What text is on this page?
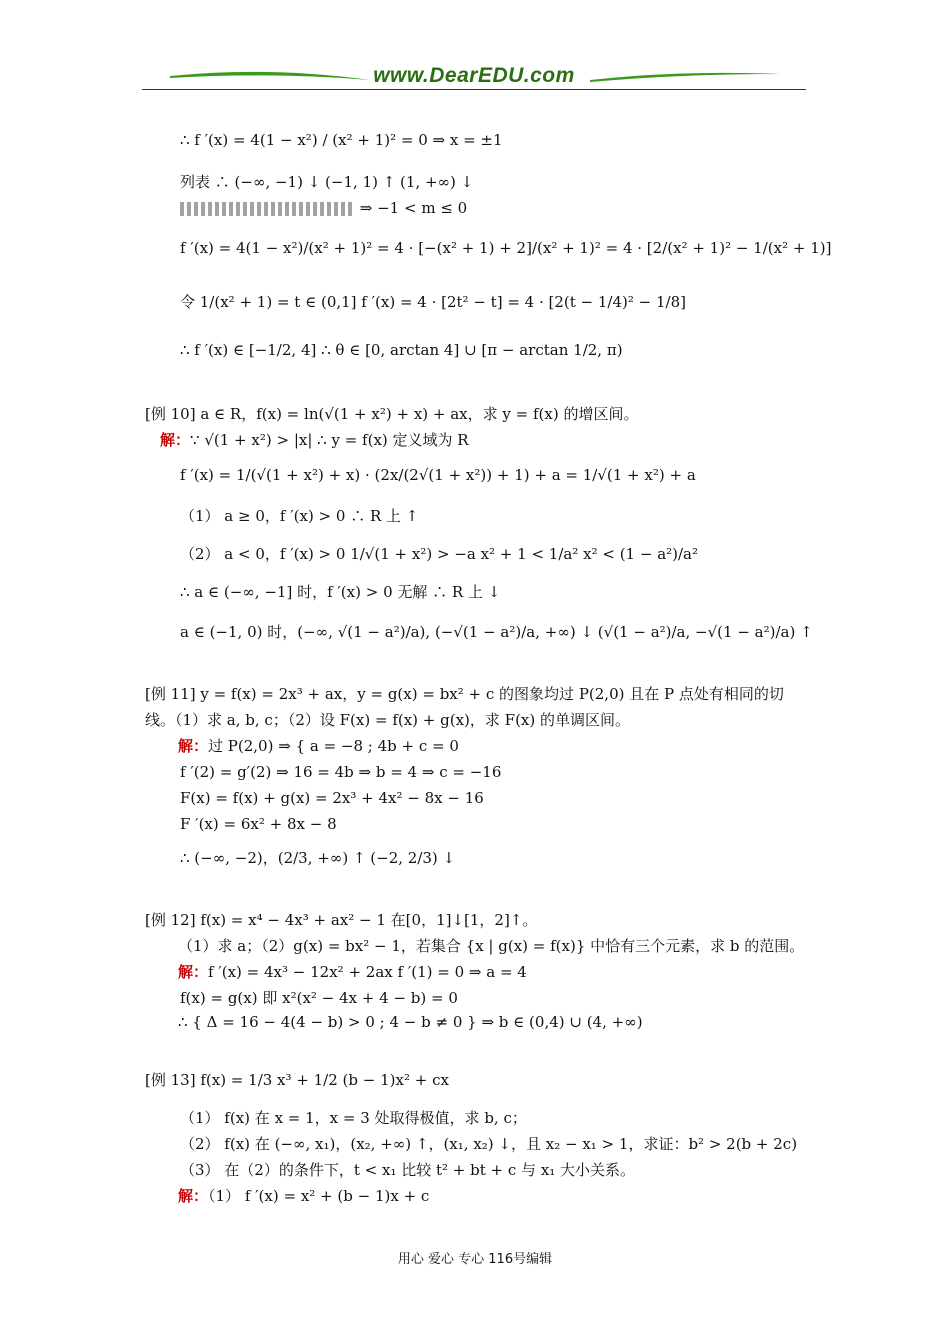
www.DearEDU.com
∴ f ′(x) = 4(1 − x²) / (x² + 1)² = 0 ⇒ x = ±1
列表 ∴ (−∞, −1) ↓ (−1, 1) ↑ (1, +∞) ↓
⇒ −1 < m ≤ 0
f ′(x) = 4(1 − x²)/(x² + 1)² = 4 · [−(x² + 1) + 2]/(x² + 1)² = 4 · [2/(x² + 1)² − 1/(x² + 1)]
令 1/(x² + 1) = t ∈ (0,1] f ′(x) = 4 · [2t² − t] = 4 · [2(t − 1/4)² − 1/8]
∴ f ′(x) ∈ [−1/2, 4] ∴ θ ∈ [0, arctan 4] ∪ [π − arctan 1/2, π)
[例 10] a ∈ R，f(x) = ln(√(1 + x²) + x) + ax，求 y = f(x) 的增区间。
解：∵ √(1 + x²) > |x| ∴ y = f(x) 定义域为 R
f ′(x) = 1/(√(1 + x²) + x) · (2x/(2√(1 + x²)) + 1) + a = 1/√(1 + x²) + a
（1） a ≥ 0，f ′(x) > 0 ∴ R 上 ↑
（2） a < 0，f ′(x) > 0 1/√(1 + x²) > −a x² + 1 < 1/a² x² < (1 − a²)/a²
∴ a ∈ (−∞, −1] 时，f ′(x) > 0 无解 ∴ R 上 ↓
a ∈ (−1, 0) 时，(−∞, √(1 − a²)/a), (−√(1 − a²)/a, +∞) ↓ (√(1 − a²)/a, −√(1 − a²)/a) ↑
[例 11] y = f(x) = 2x³ + ax，y = g(x) = bx² + c 的图象均过 P(2,0) 且在 P 点处有相同的切
线。（1）求 a, b, c；（2）设 F(x) = f(x) + g(x)，求 F(x) 的单调区间。
解：过 P(2,0) ⇒ { a = −8 ; 4b + c = 0
f ′(2) = g′(2) ⇒ 16 = 4b ⇒ b = 4 ⇒ c = −16
F(x) = f(x) + g(x) = 2x³ + 4x² − 8x − 16
F ′(x) = 6x² + 8x − 8
∴ (−∞, −2)，(2/3, +∞) ↑ (−2, 2/3) ↓
[例 12] f(x) = x⁴ − 4x³ + ax² − 1 在[0，1]↓[1，2]↑。
（1）求 a；（2）g(x) = bx² − 1，若集合 {x | g(x) = f(x)} 中恰有三个元素，求 b 的范围。
解：f ′(x) = 4x³ − 12x² + 2ax f ′(1) = 0 ⇒ a = 4
f(x) = g(x) 即 x²(x² − 4x + 4 − b) = 0
∴ { Δ = 16 − 4(4 − b) > 0 ; 4 − b ≠ 0 } ⇒ b ∈ (0,4) ∪ (4, +∞)
[例 13] f(x) = 1/3 x³ + 1/2 (b − 1)x² + cx
（1） f(x) 在 x = 1，x = 3 处取得极值，求 b, c；
（2） f(x) 在 (−∞, x₁)，(x₂, +∞) ↑，(x₁, x₂) ↓，且 x₂ − x₁ > 1，求证：b² > 2(b + 2c)
（3） 在（2）的条件下，t < x₁ 比较 t² + bt + c 与 x₁ 大小关系。
解：（1） f ′(x) = x² + (b − 1)x + c
用心 爱心 专心 116号编辑
